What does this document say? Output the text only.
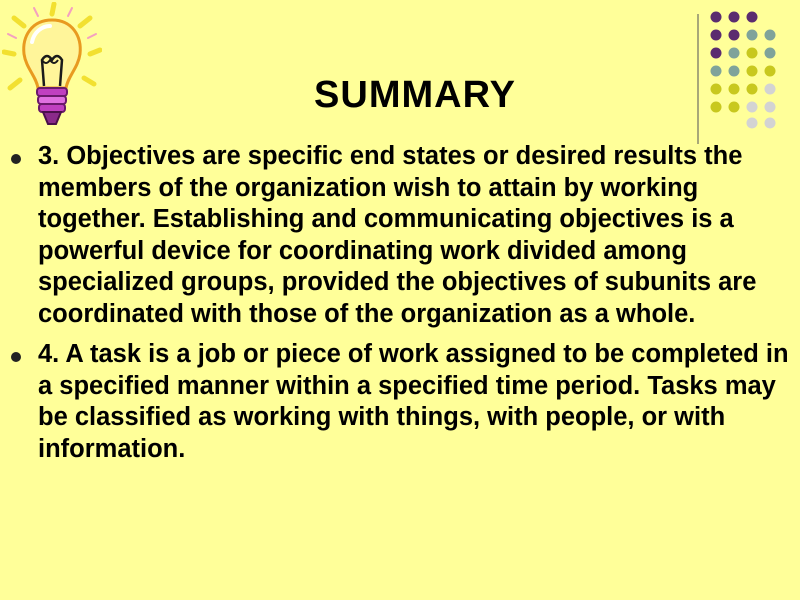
SUMMARY
3. Objectives are specific end states or desired results the members of the organization wish to attain by working together. Establishing and communicating objectives is a powerful device for coordinating work divided among specialized groups, provided the objectives of subunits are coordinated with those of the organization as a whole.
4. A task is a job or piece of work assigned to be completed in a specified manner within a specified time period. Tasks may be classified as working with things, with people, or with information.
